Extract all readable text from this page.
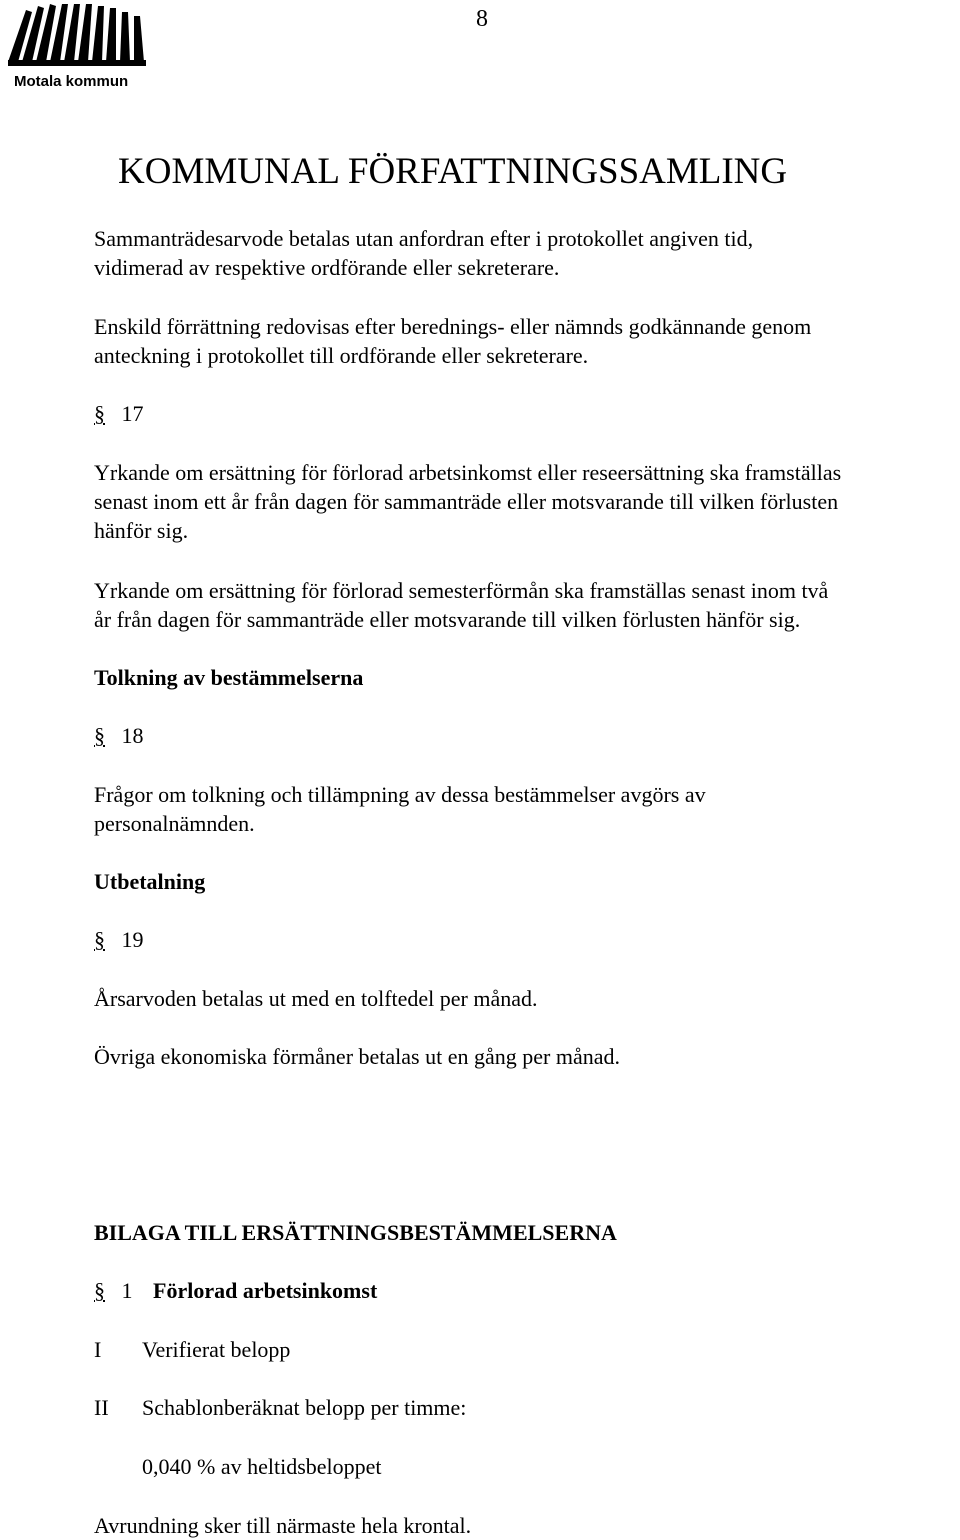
Motala kommun
8
KOMMUNAL FÖRFATTNINGSSAMLING
Sammanträdesarvode betalas utan anfordran efter i protokollet angiven tid,
vidimerad av respektive ordförande eller sekreterare.
Enskild förrättning redovisas efter berednings- eller nämnds godkännande genom
anteckning i protokollet till ordförande eller sekreterare.
§ 17
Yrkande om ersättning för förlorad arbetsinkomst eller reseersättning ska framställas
senast inom ett år från dagen för sammanträde eller motsvarande till vilken förlusten
hänför sig.
Yrkande om ersättning för förlorad semesterförmån ska framställas senast inom två
år från dagen för sammanträde eller motsvarande till vilken förlusten hänför sig.
Tolkning av bestämmelserna
§ 18
Frågor om tolkning och tillämpning av dessa bestämmelser avgörs av
personalnämnden.
Utbetalning
§ 19
Årsarvoden betalas ut med en tolftedel per månad.
Övriga ekonomiska förmåner betalas ut en gång per månad.
BILAGA TILL ERSÄTTNINGSBESTÄMMELSERNA
§ 1 Förlorad arbetsinkomst
I Verifierat belopp
II Schablonberäknat belopp per timme:
0,040 % av heltidsbeloppet
Avrundning sker till närmaste hela krontal.
